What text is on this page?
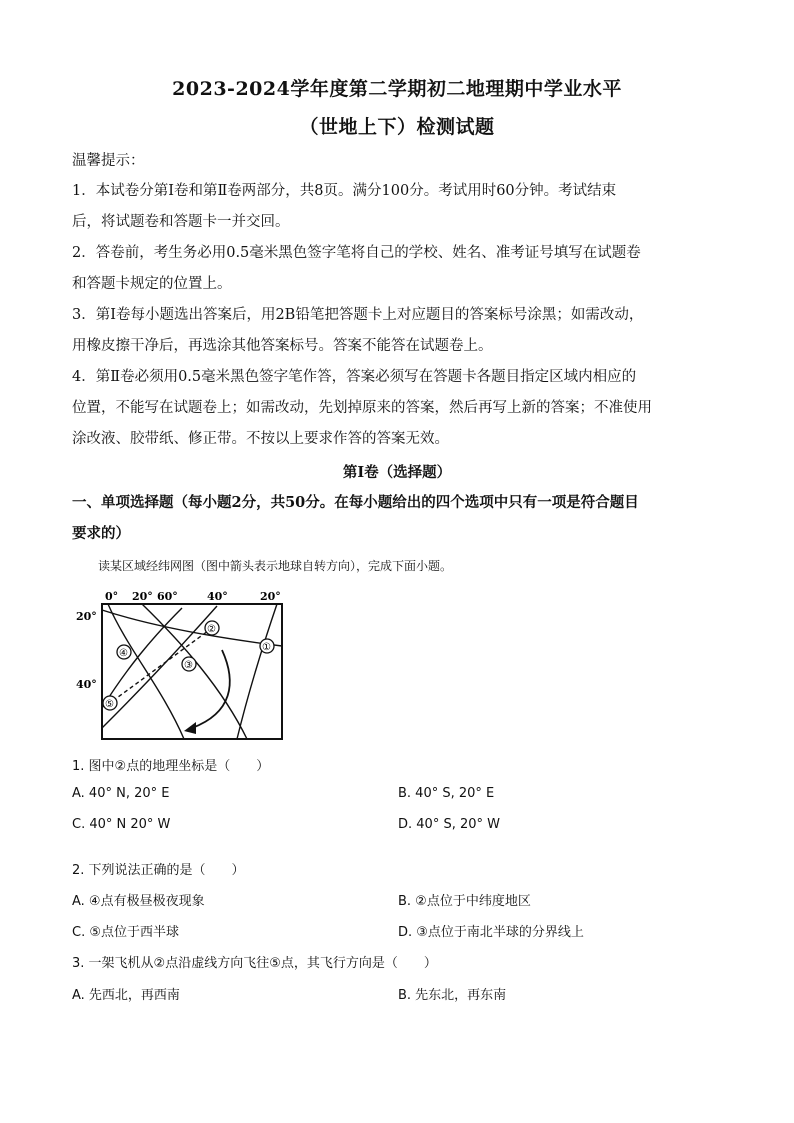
2023-2024学年度第二学期初二地理期中学业水平
（世地上下）检测试题
温馨提示：
1．本试卷分第Ⅰ卷和第Ⅱ卷两部分，共8页。满分100分。考试用时60分钟。考试结束
后，将试题卷和答题卡一并交回。
2．答卷前，考生务必用0.5毫米黑色签字笔将自己的学校、姓名、准考证号填写在试题卷
和答题卡规定的位置上。
3．第Ⅰ卷每小题选出答案后，用2B铅笔把答题卡上对应题目的答案标号涂黑；如需改动，
用橡皮擦干净后，再选涂其他答案标号。答案不能答在试题卷上。
4．第Ⅱ卷必须用0.5毫米黑色签字笔作答，答案必须写在答题卡各题目指定区域内相应的
位置，不能写在试题卷上；如需改动，先划掉原来的答案，然后再写上新的答案；不准使用
涂改液、胶带纸、修正带。不按以上要求作答的答案无效。
第Ⅰ卷（选择题）
一、单项选择题（每小题2分，共50分。在每小题给出的四个选项中只有一项是符合题目
要求的）
读某区域经纬网图（图中箭头表示地球自转方向），完成下面小题。
①
②
③
④
⑤
0° 20° 60°	40°	20°
20°
40°
1. 图中②点的地理坐标是（　　）
A. 40° N, 20° E	B. 40° S, 20° E
C. 40° N 20° W	D. 40° S, 20° W
2. 下列说法正确的是（　　）
A. ④点有极昼极夜现象	B. ②点位于中纬度地区
C. ⑤点位于西半球	D. ③点位于南北半球的分界线上
3. 一架飞机从②点沿虚线方向飞往⑤点，其飞行方向是（　　）
A. 先西北，再西南	B. 先东北，再东南
